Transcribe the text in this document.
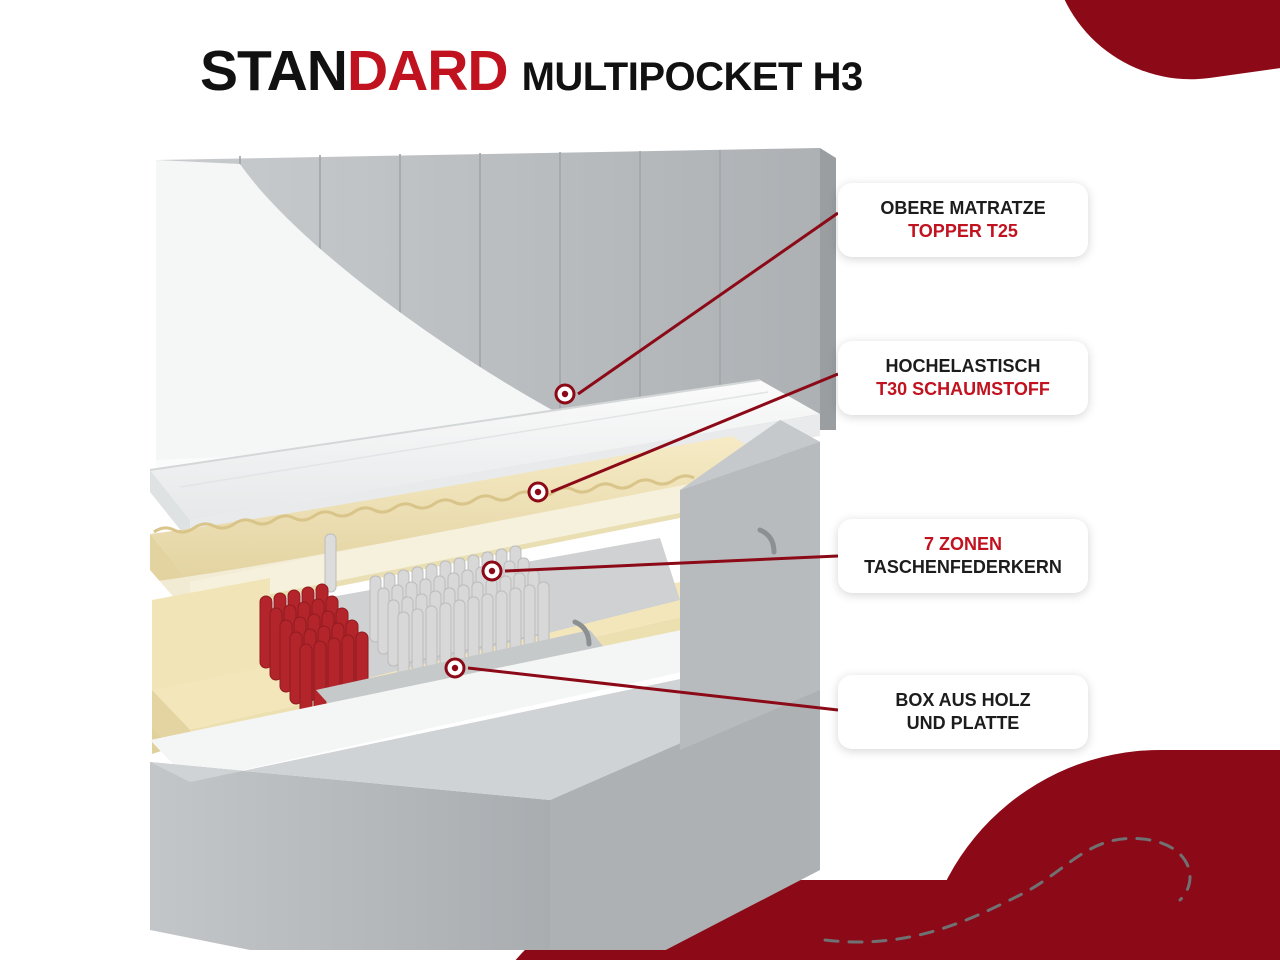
STANDARD MULTIPOCKET H3
OBERE MATRATZE
TOPPER T25
HOCHELASTISCH
T30 SCHAUMSTOFF
7 ZONEN
TASCHENFEDERKERN
BOX AUS HOLZ
UND PLATTE
